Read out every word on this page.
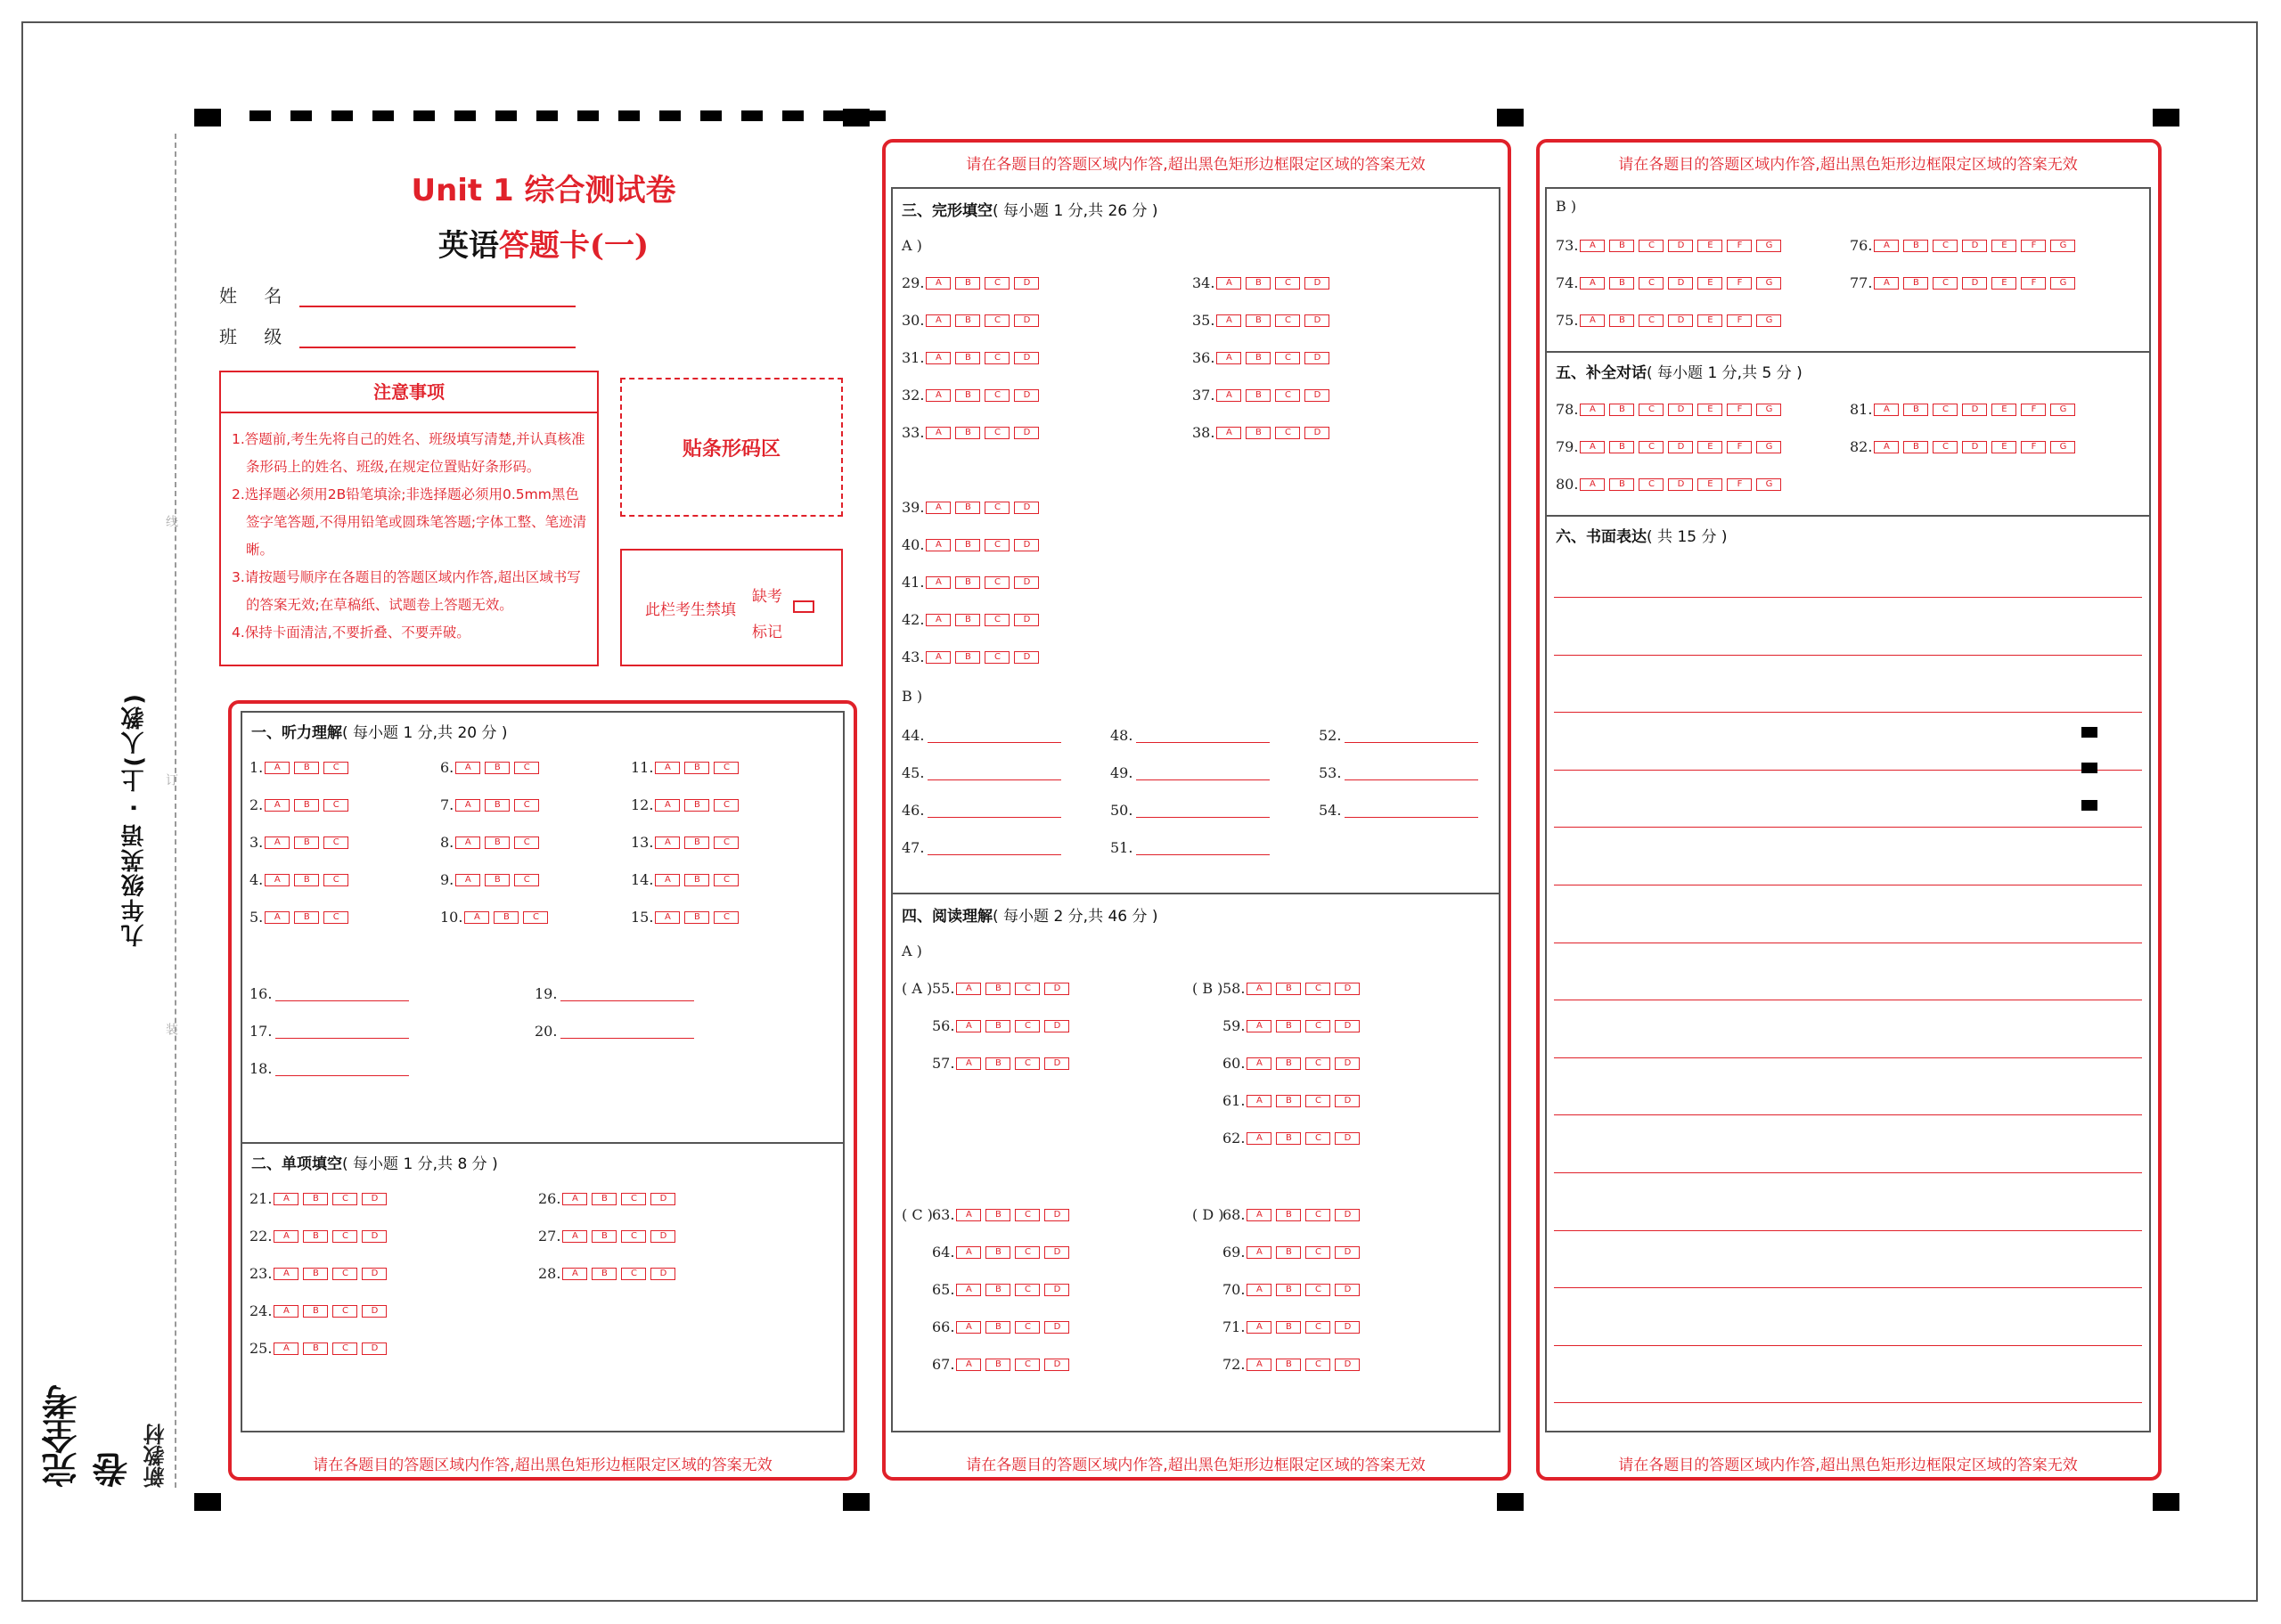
线
订
装
九年级英语 · 上(人教)
新教材
完全考卷
Unit 1 综合测试卷
英语答题卡(一)
姓 名
班 级
注意事项

1.答题前,考生先将自己的姓名、班级填写清楚,并认真核准条形码上的姓名、班级,在规定位置贴好条形码。

2.选择题必须用2B铅笔填涂;非选择题必须用0.5mm黑色签字笔答题,不得用铅笔或圆珠笔答题;字体工整、笔迹清晰。

3.请按题号顺序在各题目的答题区域内作答,超出区域书写的答案无效;在草稿纸、试题卷上答题无效。

4.保持卡面清洁,不要折叠、不要弄破。

贴条形码区
此栏考生禁填
缺考
标记
请在各题目的答题区域内作答,超出黑色矩形边框限定区域的答案无效
请在各题目的答题区域内作答,超出黑色矩形边框限定区域的答案无效
请在各题目的答题区域内作答,超出黑色矩形边框限定区域的答案无效
请在各题目的答题区域内作答,超出黑色矩形边框限定区域的答案无效
请在各题目的答题区域内作答,超出黑色矩形边框限定区域的答案无效
一、听力理解( 每小题 1 分,共 20 分 )
二、单项填空( 每小题 1 分,共 8 分 )
三、完形填空( 每小题 1 分,共 26 分 )
四、阅读理解( 每小题 2 分,共 46 分 )
五、补全对话( 每小题 1 分,共 5 分 )
六、书面表达( 共 15 分 )
A )
B )
A )
B )
1.	A	B	C	6.	A	B	C	11.	A	B	C
2.	A	B	C	7.	A	B	C	12.	A	B	C
3.	A	B	C	8.	A	B	C	13.	A	B	C
4.	A	B	C	9.	A	B	C	14.	A	B	C
5.	A	B	C	10.	A	B	C	15.	A	B	C
16.
17.
18.
19.
20.
21.	A	B	C	D
22.	A	B	C	D
23.	A	B	C	D
24.	A	B	C	D
25.	A	B	C	D
26.	A	B	C	D
27.	A	B	C	D
28.	A	B	C	D
29.	A	B	C	D	34.	A	B	C	D
30.	A	B	C	D	35.	A	B	C	D
31.	A	B	C	D	36.	A	B	C	D
32.	A	B	C	D	37.	A	B	C	D
33.	A	B	C	D	38.	A	B	C	D
39.	A	B	C	D
40.	A	B	C	D
41.	A	B	C	D
42.	A	B	C	D
43.	A	B	C	D
44.
45.
46.
47.
48.
49.
50.
51.
52.
53.
54.
( A ) 55.	A	B	C	D
56.	A	B	C	D
57.	A	B	C	D
( B ) 58.	A	B	C	D
59.	A	B	C	D
60.	A	B	C	D
61.	A	B	C	D
62.	A	B	C	D
( C ) 63.	A	B	C	D
64.	A	B	C	D
65.	A	B	C	D
66.	A	B	C	D
67.	A	B	C	D
( D )
68.	A	B	C	D
69.	A	B	C	D
70.	A	B	C	D
71.	A	B	C	D
72.	A	B	C	D
73.	A	B	C	D	E	F	G
74.	A	B	C	D	E	F	G
75.	A	B	C	D	E	F	G
76.	A	B	C	D	E	F	G
77.	A	B	C	D	E	F	G
78.	A	B	C	D	E	F	G
79.	A	B	C	D	E	F	G
80.	A	B	C	D	E	F	G
81.	A	B	C	D	E	F	G
82.	A	B	C	D	E	F	G
